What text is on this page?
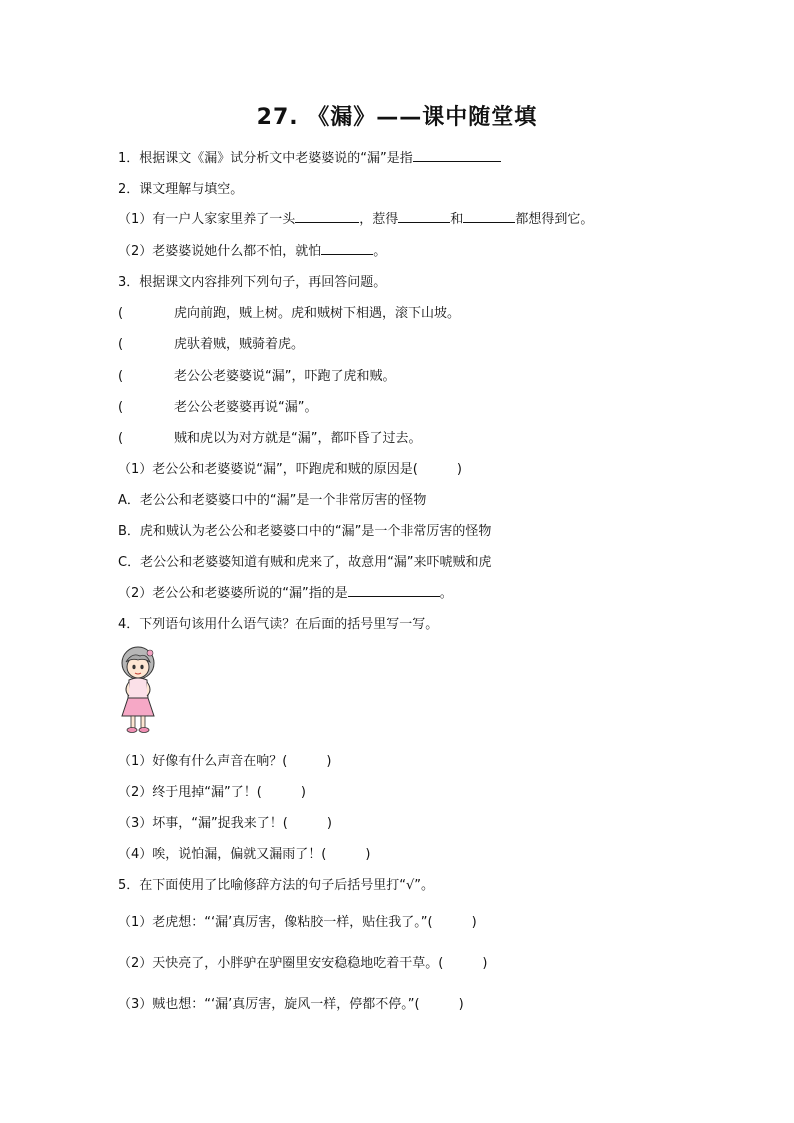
27. 《漏》——课中随堂填
1．根据课文《漏》试分析文中老婆婆说的“漏”是指
2．课文理解与填空。
（1）有一户人家家里养了一头	，惹得	和	都想得到它。
（2）老婆婆说她什么都不怕，就怕	。
3．根据课文内容排列下列句子，再回答问题。
(	虎向前跑，贼上树。虎和贼树下相遇，滚下山坡。
(	虎驮着贼，贼骑着虎。
(	老公公老婆婆说“漏”，吓跑了虎和贼。
(	老公公老婆婆再说“漏”。
(	贼和虎以为对方就是“漏”，都吓昏了过去。
（1）老公公和老婆婆说“漏”，吓跑虎和贼的原因是(　　　)
A．老公公和老婆婆口中的“漏”是一个非常厉害的怪物
B．虎和贼认为老公公和老婆婆口中的“漏”是一个非常厉害的怪物
C．老公公和老婆婆知道有贼和虎来了，故意用“漏”来吓唬贼和虎
（2）老公公和老婆婆所说的“漏”指的是	。
4．下列语句该用什么语气读？在后面的括号里写一写。
（1）好像有什么声音在响？(　　　)
（2）终于甩掉“漏”了！(　　　)
（3）坏事，“漏”捉我来了！(　　　)
（4）唉，说怕漏，偏就又漏雨了！(　　　)
5．在下面使用了比喻修辞方法的句子后括号里打“√”。
（1）老虎想：“‘漏’真厉害，像粘胶一样，贴住我了。”(　　　)
（2）天快亮了，小胖驴在驴圈里安安稳稳地吃着干草。(　　　)
（3）贼也想：“‘漏’真厉害，旋风一样，停都不停。”(　　　)
